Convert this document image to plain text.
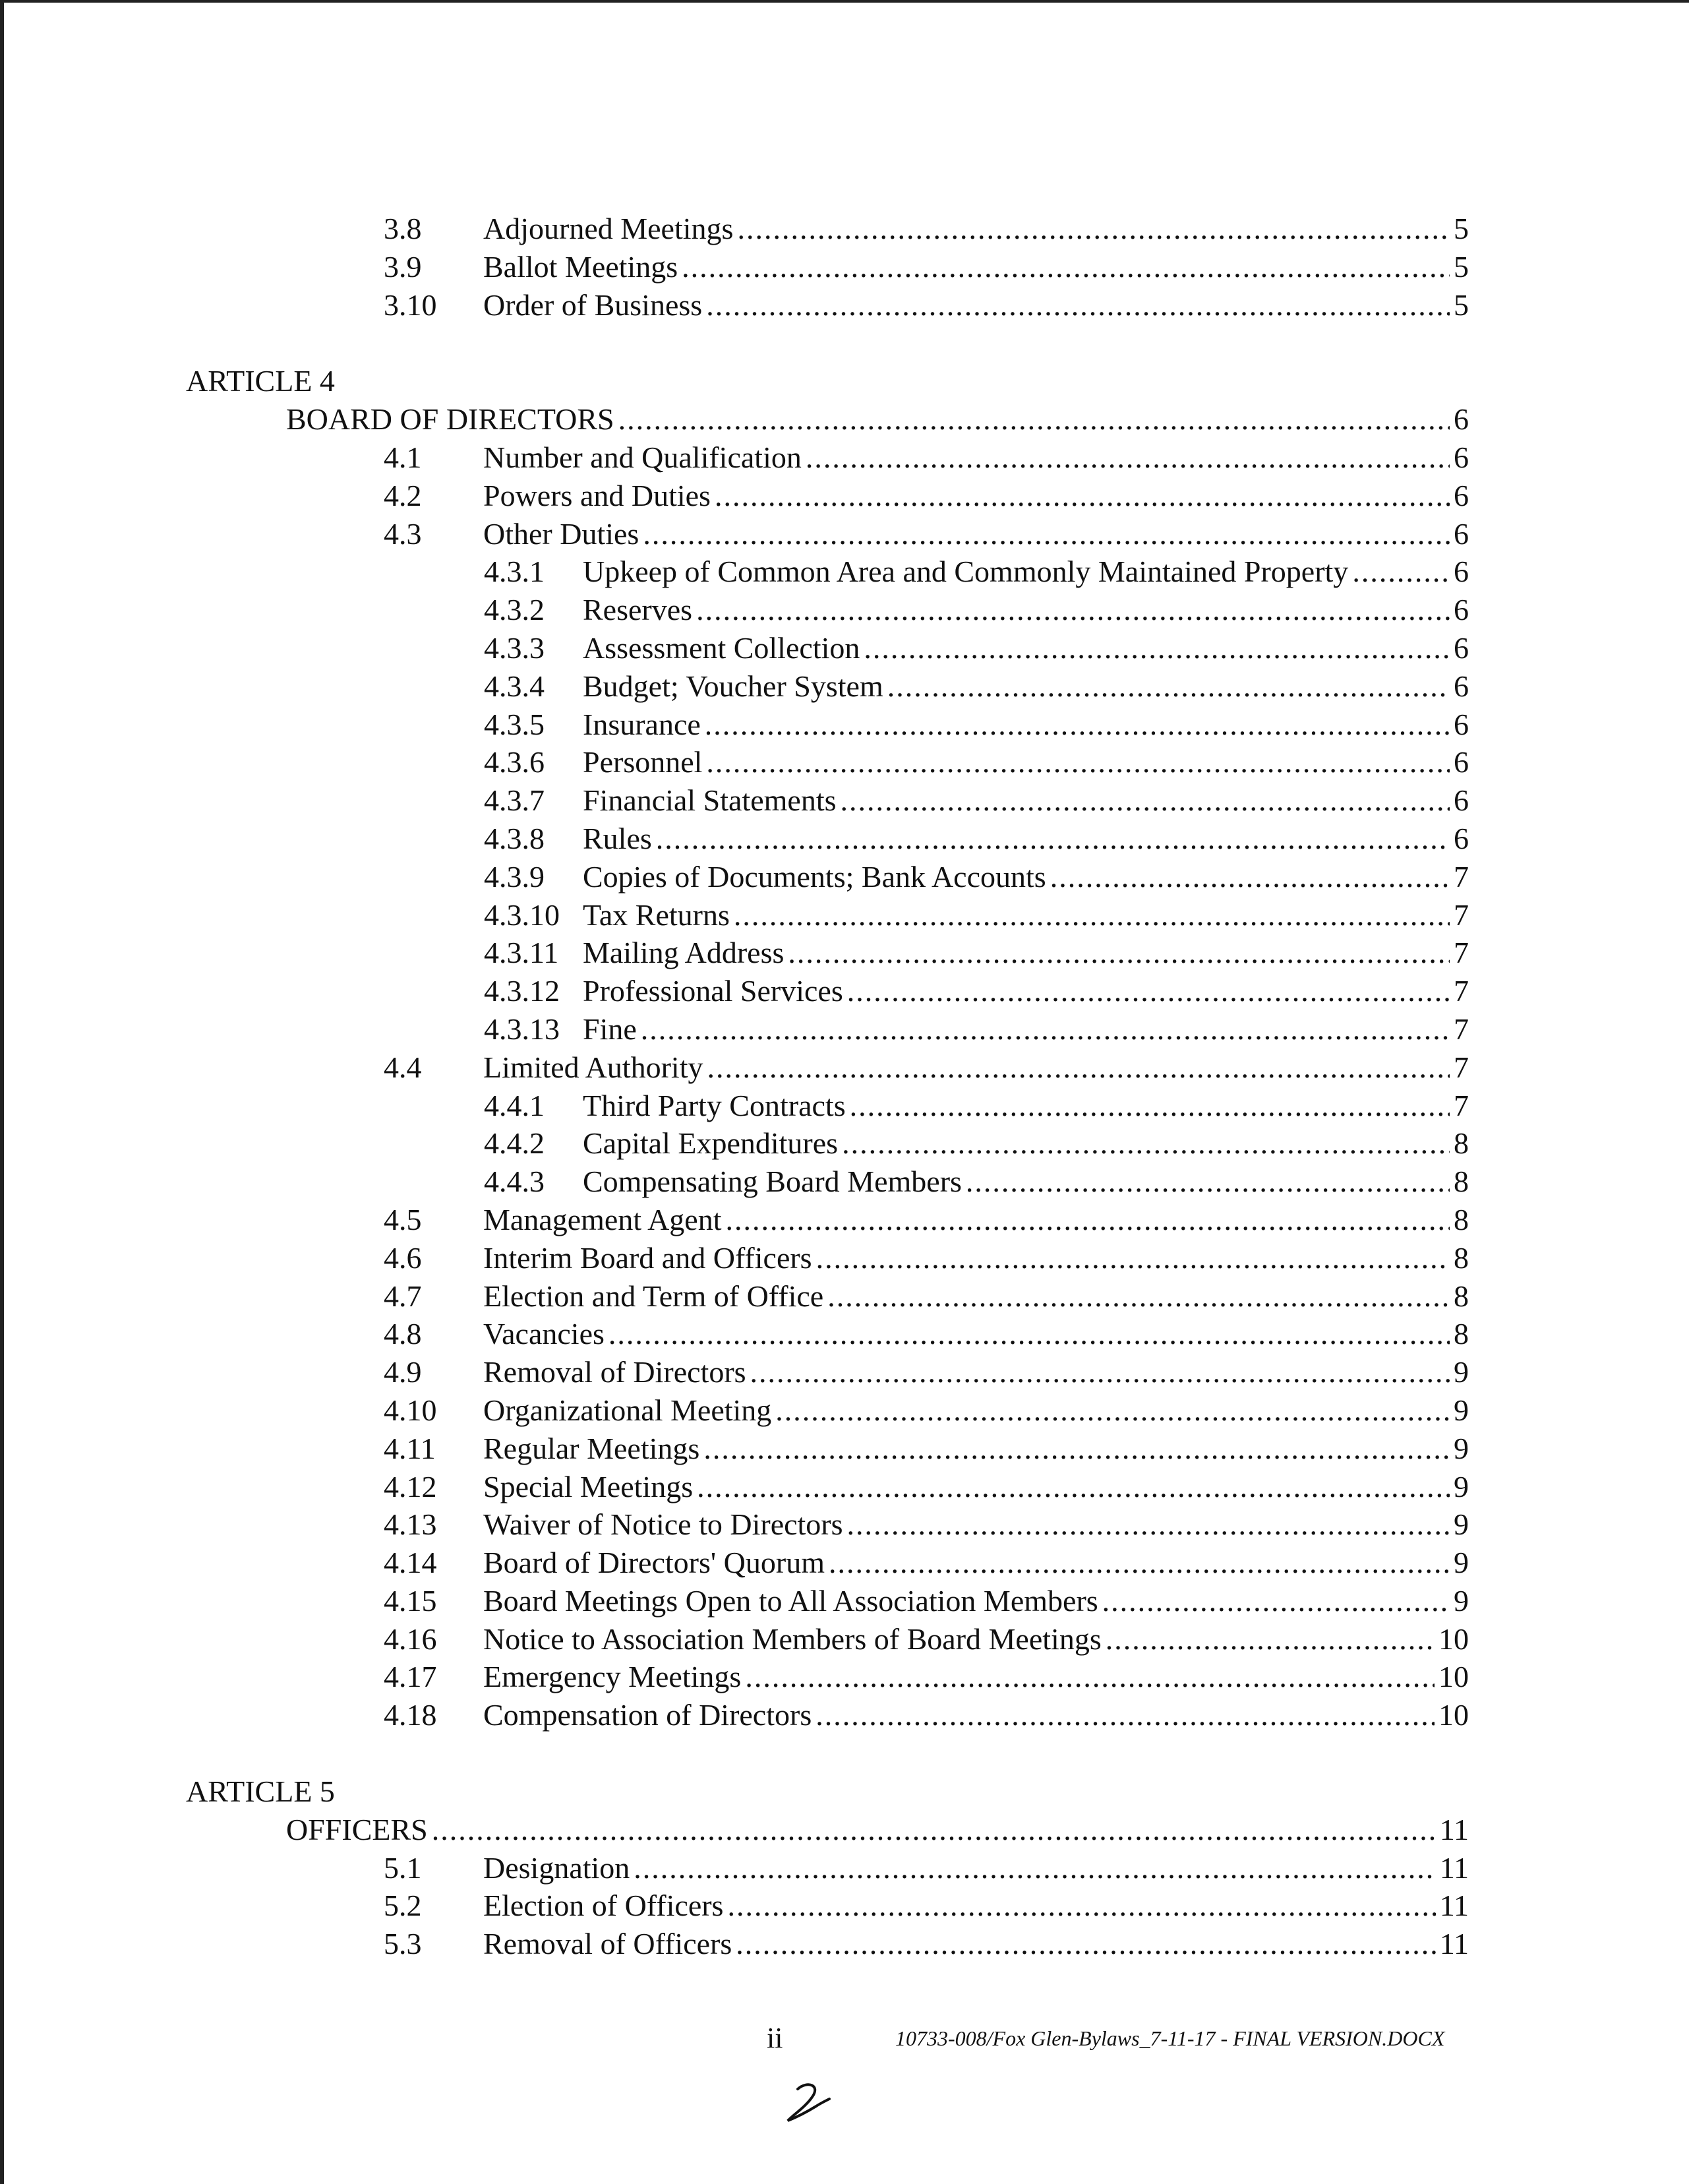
3.8 Adjourned Meetings .....	5
3.9 Ballot Meetings .....	5
3.10 Order of Business .....	5
ARTICLE 4
BOARD OF DIRECTORS .....	6
4.1 Number and Qualification .....	6
4.2 Powers and Duties .....	6
4.3 Other Duties .....	6
4.3.1 Upkeep of Common Area and Commonly Maintained Property .....	6
4.3.2 Reserves .....	6
4.3.3 Assessment Collection .....	6
4.3.4 Budget; Voucher System .....	6
4.3.5 Insurance .....	6
4.3.6 Personnel .....	6
4.3.7 Financial Statements .....	6
4.3.8 Rules .....	6
4.3.9 Copies of Documents; Bank Accounts .....	7
4.3.10 Tax Returns .....	7
4.3.11 Mailing Address .....	7
4.3.12 Professional Services .....	7
4.3.13 Fine .....	7
4.4 Limited Authority .....	7
4.4.1 Third Party Contracts .....	7
4.4.2 Capital Expenditures .....	8
4.4.3 Compensating Board Members .....	8
4.5 Management Agent .....	8
4.6 Interim Board and Officers .....	8
4.7 Election and Term of Office .....	8
4.8 Vacancies .....	8
4.9 Removal of Directors .....	9
4.10 Organizational Meeting .....	9
4.11 Regular Meetings .....	9
4.12 Special Meetings .....	9
4.13 Waiver of Notice to Directors .....	9
4.14 Board of Directors' Quorum .....	9
4.15 Board Meetings Open to All Association Members .....	9
4.16 Notice to Association Members of Board Meetings .....	10
4.17 Emergency Meetings .....	10
4.18 Compensation of Directors .....	10
ARTICLE 5
OFFICERS .....	11
5.1 Designation .....	11
5.2 Election of Officers .....	11
5.3 Removal of Officers .....	11
ii	10733-008/Fox Glen-Bylaws_7-11-17 - FINAL VERSION.DOCX
